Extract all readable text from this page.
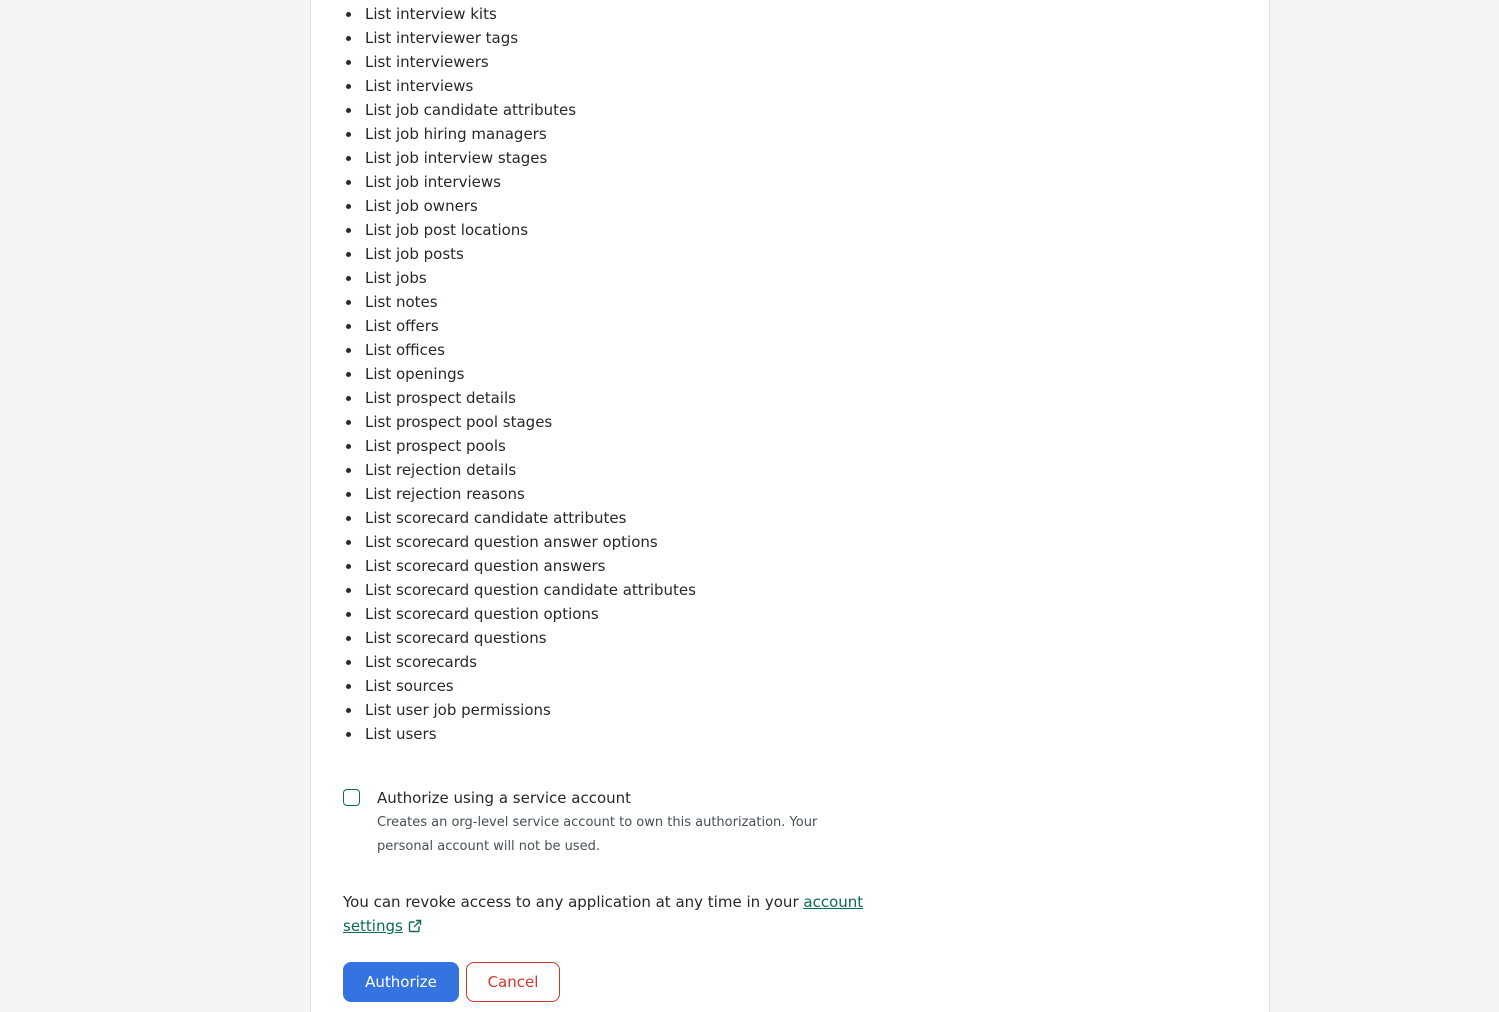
List interview kits
List interviewer tags
List interviewers
List interviews
List job candidate attributes
List job hiring managers
List job interview stages
List job interviews
List job owners
List job post locations
List job posts
List jobs
List notes
List offers
List offices
List openings
List prospect details
List prospect pool stages
List prospect pools
List rejection details
List rejection reasons
List scorecard candidate attributes
List scorecard question answer options
List scorecard question answers
List scorecard question candidate attributes
List scorecard question options
List scorecard questions
List scorecards
List sources
List user job permissions
List users
Authorize using a service account
Creates an org-level service account to own this authorization. Your personal account will not be used.
You can revoke access to any application at any time in your account settings
Authorize	Cancel
